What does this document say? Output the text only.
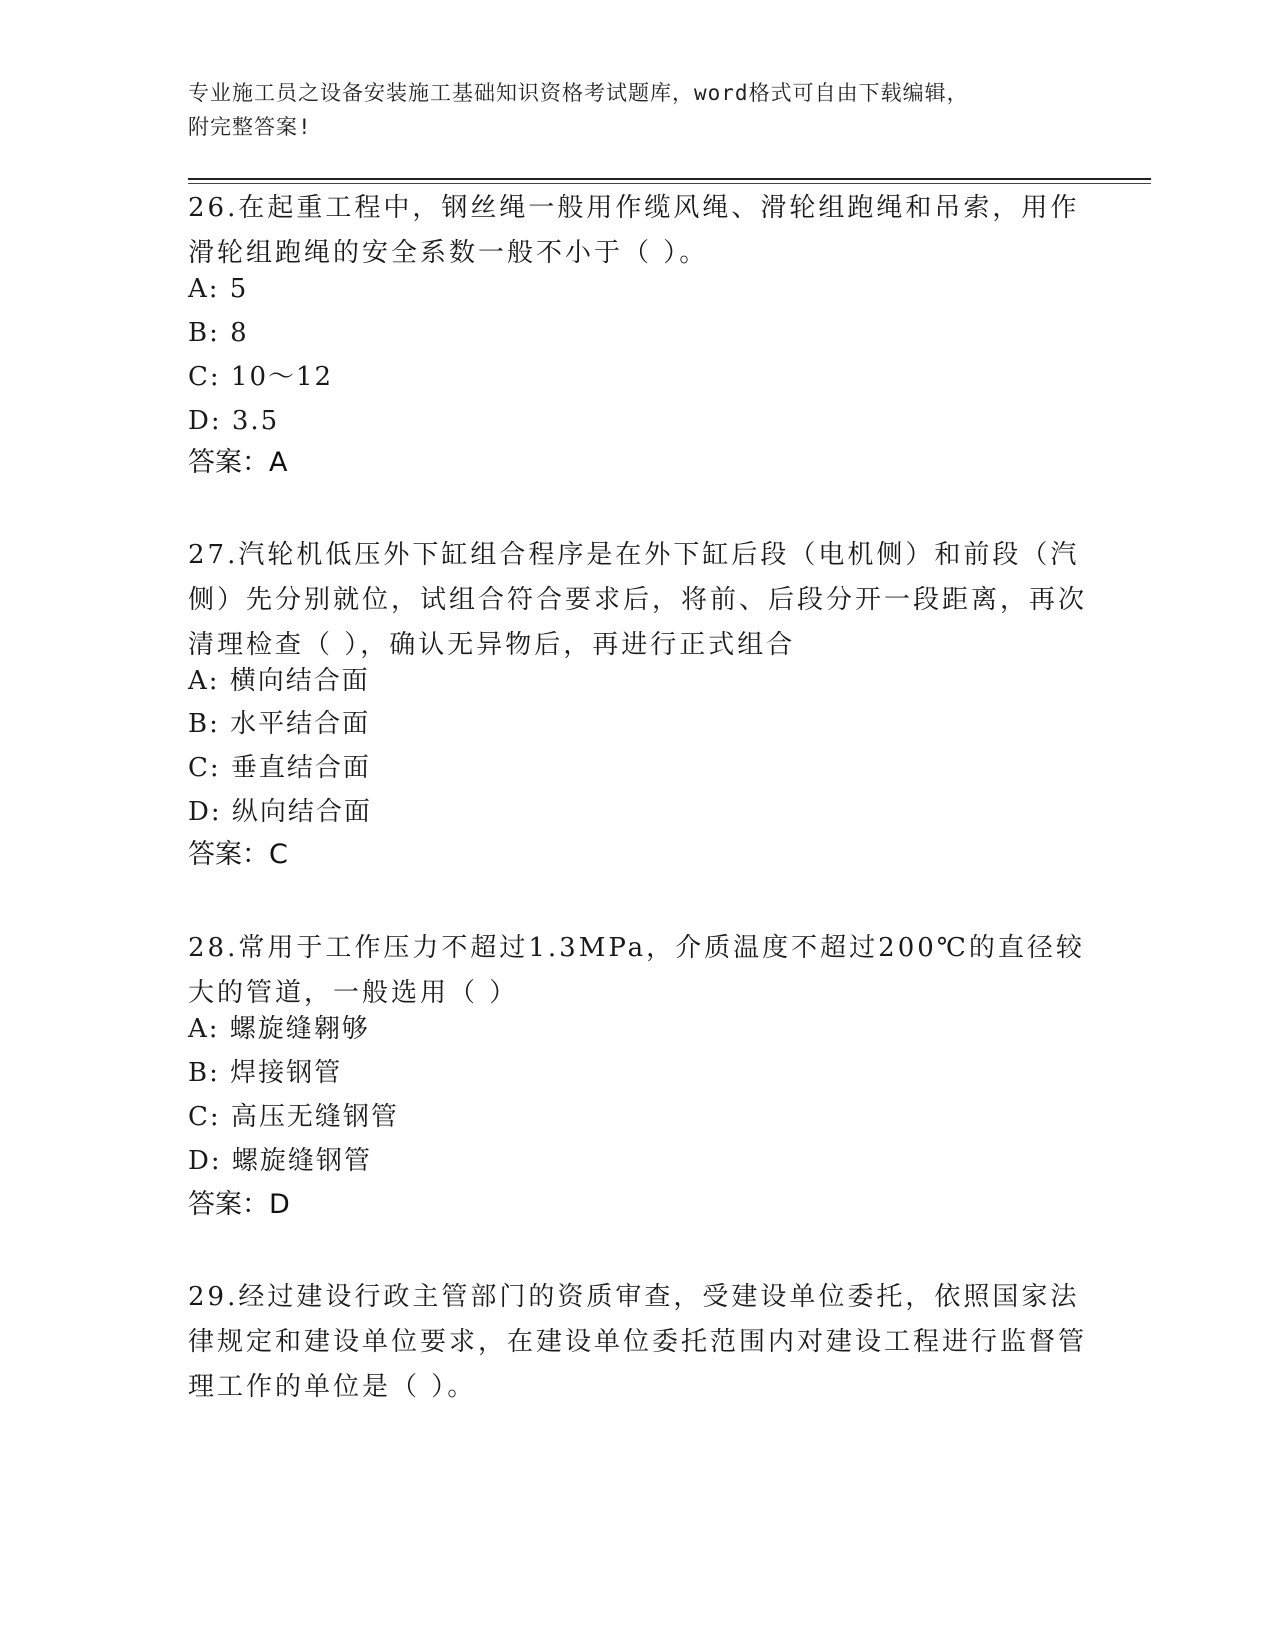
专业施工员之设备安装施工基础知识资格考试题库，word格式可自由下载编辑，
附完整答案!
26.在起重工程中，钢丝绳一般用作缆风绳、滑轮组跑绳和吊索，用作滑轮组跑绳的安全系数一般不小于（ ）。
A: 5
B: 8
C: 10～12
D: 3.5
答案：A
27.汽轮机低压外下缸组合程序是在外下缸后段（电机侧）和前段（汽侧）先分别就位，试组合符合要求后，将前、后段分开一段距离，再次清理检查（ ），确认无异物后，再进行正式组合
A: 横向结合面
B: 水平结合面
C: 垂直结合面
D: 纵向结合面
答案：C
28.常用于工作压力不超过1.3MPa，介质温度不超过200℃的直径较大的管道，一般选用（ ）
A: 螺旋缝翱够
B: 焊接钢管
C: 高压无缝钢管
D: 螺旋缝钢管
答案：D
29.经过建设行政主管部门的资质审查，受建设单位委托，依照国家法律规定和建设单位要求，在建设单位委托范围内对建设工程进行监督管理工作的单位是（ ）。
